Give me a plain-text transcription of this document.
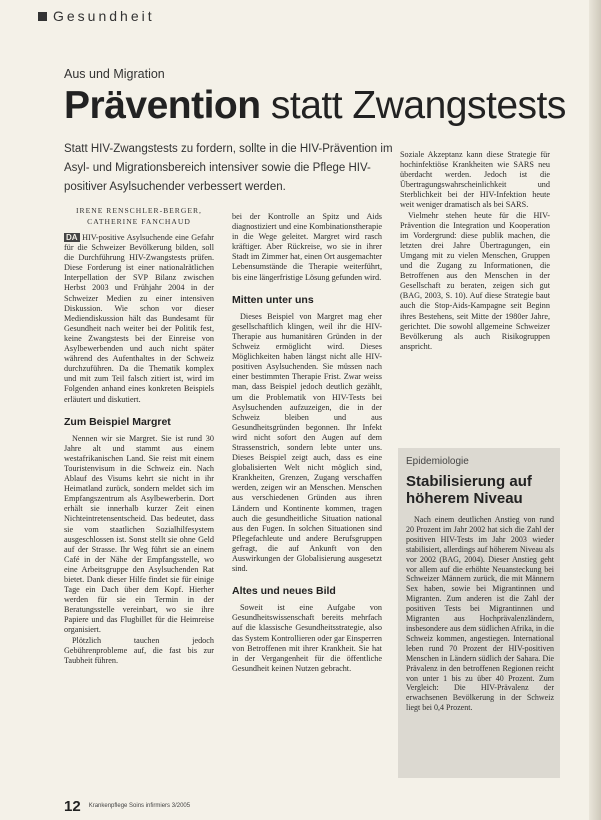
Gesundheit
Aus und Migration
Prävention statt Zwangstests
Statt HIV-Zwangstests zu fordern, sollte in die HIV-Prävention im Asyl- und Migrationsbereich intensiver sowie die Pflege HIV-positiver Asylsuchender verbessert werden.
IRENE RENSCHLER-BERGER,
CATHERINE FANCHAUD

DA HIV-positive Asylsuchende eine Gefahr für die Schweizer Bevölkerung bilden, soll die Durchführung HIV-Zwangstests prüfen. Diese Forderung ist einer nationalrätlichen Interpellation der SVP Bilanz zwischen Herbst 2003 und Frühjahr 2004 in der Schweizer Medien zu einer intensiven Diskussion. Wie schon vor dieser Mediendiskussion hält das Bundesamt für Gesundheit nach weiter bei der Politik fest, keine Zwangstests bei der Einreise von Asylbewerbenden und auch nicht später während des Aufenthaltes in der Schweiz durchzuführen. Da die Thematik komplex und mit zum Teil falsch zitiert ist, wird im Folgenden anhand eines konkreten Beispiels erläutert und diskutiert.

Zum Beispiel Margret

Nennen wir sie Margret. Sie ist rund 30 Jahre alt und stammt aus einem westafrikanischen Land. Sie reist mit einem Touristenvisum in die Schweiz ein. Nach Ablauf des Visums kehrt sie nicht in ihr Heimatland zurück, sondern meldet sich im Empfangszentrum als Asylbewerberin. Dort erhält sie innerhalb kurzer Zeit einen Nichteintretensentscheid. Das bedeutet, dass sie vom staatlichen Sozialhilfesystem ausgeschlossen ist. Sonst stellt sie ohne Geld auf der Strasse. Ihr Weg führt sie an einem Café in der Nähe der Empfangsstelle, wo eine Arbeitsgruppe den Asylsuchenden Rat bietet. Dank dieser Hilfe findet sie für einige Tage ein Dach über dem Kopf. Hierher werden für sie ein Termin in der Beratungsstelle vereinbart, wo sie ihre Papiere und das Flugbillet für die Heimreise organisiert.

Plötzlich tauchen jedoch Gebührenprobleme auf, die fast bis zur Taubheit führen.

bei der Kontrolle an Spitz und Aids diagnostiziert und eine Kombinationstherapie in die Wege geleitet. Margret wird rasch kräftiger. Aber Rückreise, wo sie in ihrer Stadt im Zimmer hat, einen Ort ausgemachter Lebensumstände die Therapie weiterführt, bis eine längerfristige Lösung gefunden wird.

Mitten unter uns

Dieses Beispiel von Margret mag eher gesellschaftlich klingen, weil ihr die HIV-Therapie aus humanitären Gründen in der Schweiz ermöglicht wird. Dieses Möglichkeiten haben längst nicht alle HIV-positiven Asylsuchenden. Sie müssen nach einer bestimmten Therapie Frist. Zwar weiss man, dass Beispiel jedoch deutlich gezählt, um die Problematik von HIV-Tests bei Asylsuchenden aufzuzeigen, die in der Schweiz bleiben und aus Gesundheitsgründen begonnen. Ihr Infekt wird nicht sofort den Augen auf dem Strassenstrich, sondern lebte unter uns. Dieses Beispiel zeigt auch, dass es eine globalisierten Welt nicht möglich sind, Krankheiten, Grenzen, Zugang verschaffen werden, zeigen wir an Menschen. Menschen aus verschiedenen Gründen aus ihren Ländern und Kontinente kommen, tragen auch die gesundheitliche Situation national aus den Fugen. In solchen Situationen sind Pflegefachleute und andere Berufsgruppen gefragt, die auf Ankunft von den Auswirkungen der Globalisierung ausgesetzt sind.

Altes und neues Bild

Soweit ist eine Aufgabe von Gesundheitswissenschaft bereits mehrfach auf die klassische Gesundheitsstrategie, also das System Kontrollieren oder gar Einsperren von Betroffenen mit ihrer Krankheit. Sie hat in der Vergangenheit für die öffentliche Gesundheit keinen Nutzen gebracht.

Soziale Akzeptanz kann diese Strategie für hochinfektiöse Krankheiten wie SARS neu überdacht werden. Jedoch ist die Übertragungswahrscheinlichkeit und Sterblichkeit bei der HIV-Infektion heute weit weniger dramatisch als bei SARS.

Vielmehr stehen heute für die HIV-Prävention die Integration und Kooperation im Vordergrund: diese publik machen, die letzten drei Jahre Übertragungen, ein Umgang mit zu vielen Menschen, Gruppen und die Zugang zu Informationen, die Betroffenen aus den Menschen in der Gesellschaft zu beraten, zeigen sich gut (BAG, 2003, S. 10). Auf diese Strategie baut auch die Stop-Aids-Kampagne seit Beginn ihres Bestehens, seit Mitte der 1980er Jahre, gerichtet. Die sowohl allgemeine Schweizer Bevölkerung als auch Risikogruppen anspricht.

Epidemiologie
Stabilisierung auf höherem Niveau
Nach einem deutlichen Anstieg von rund 20 Prozent im Jahr 2002 hat sich die Zahl der positiven HIV-Tests im Jahr 2003 wieder stabilisiert, allerdings auf höherem Niveau als vor 2002 (BAG, 2004). Dieser Anstieg geht vor allem auf die erhöhte Neuansteckung bei Schweizer Männern zurück, die mit Männern Sex haben, sowie bei Migrantinnen und Migranten. Zum anderen ist die Zahl der positiven Tests bei Migrantinnen und Migranten aus Hochprävalenzländern, insbesondere aus dem südlichen Afrika, in die Schweiz kommen, angestiegen. International leben rund 70 Prozent der HIV-positiven Menschen in Ländern südlich der Sahara. Die Prävalenz in den betroffenen Regionen reicht von unter 1 bis zu über 40 Prozent. Zum Vergleich: Die HIV-Prävalenz der erwachsenen Bevölkerung in der Schweiz liegt bei 0,4 Prozent.
12 Krankenpflege Soins infirmiers 3/2005
